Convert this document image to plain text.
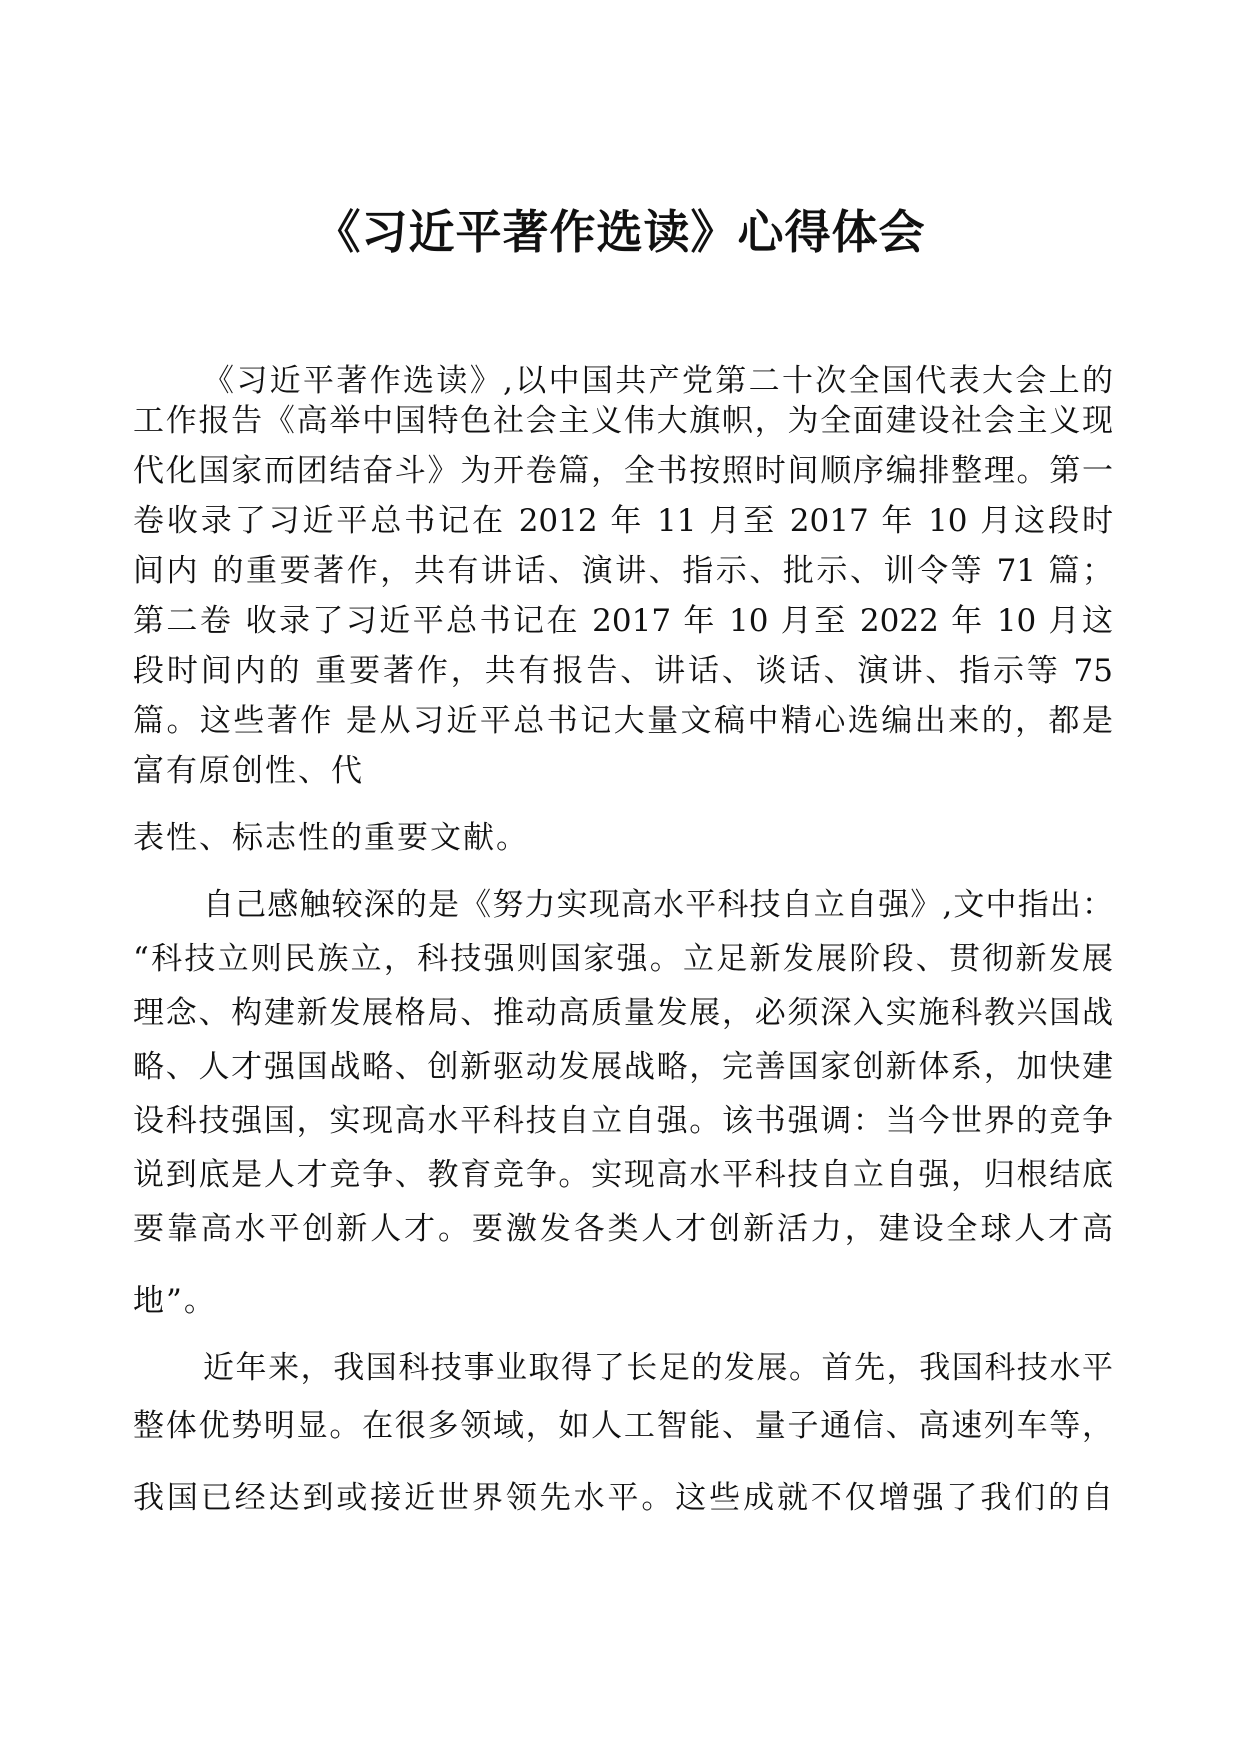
《习近平著作选读》心得体会
《习近平著作选读》,以中国共产党第二十次全国代表大会上的
工作报告《高举中国特色社会主义伟大旗帜，为全面建设社会主义现
代化国家而团结奋斗》为开卷篇，全书按照时间顺序编排整理。第一
卷收录了习近平总书记在 2012 年 11 月至 2017 年 10 月这段时
间内 的重要著作，共有讲话、演讲、指示、批示、训令等 71 篇；
第二卷 收录了习近平总书记在 2017 年 10 月至 2022 年 10 月这
段时间内的 重要著作，共有报告、讲话、谈话、演讲、指示等 75
篇。这些著作 是从习近平总书记大量文稿中精心选编出来的，都是
富有原创性、代
表性、标志性的重要文献。
自己感触较深的是《努力实现高水平科技自立自强》,文中指出：
“科技立则民族立，科技强则国家强。立足新发展阶段、贯彻新发展
理念、构建新发展格局、推动高质量发展，必须深入实施科教兴国战
略、人才强国战略、创新驱动发展战略，完善国家创新体系，加快建
设科技强国，实现高水平科技自立自强。该书强调：当今世界的竞争
说到底是人才竞争、教育竞争。实现高水平科技自立自强，归根结底
要靠高水平创新人才。要激发各类人才创新活力，建设全球人才高
地”。
近年来，我国科技事业取得了长足的发展。首先，我国科技水平
整体优势明显。在很多领域，如人工智能、量子通信、高速列车等，
我国已经达到或接近世界领先水平。这些成就不仅增强了我们的自
